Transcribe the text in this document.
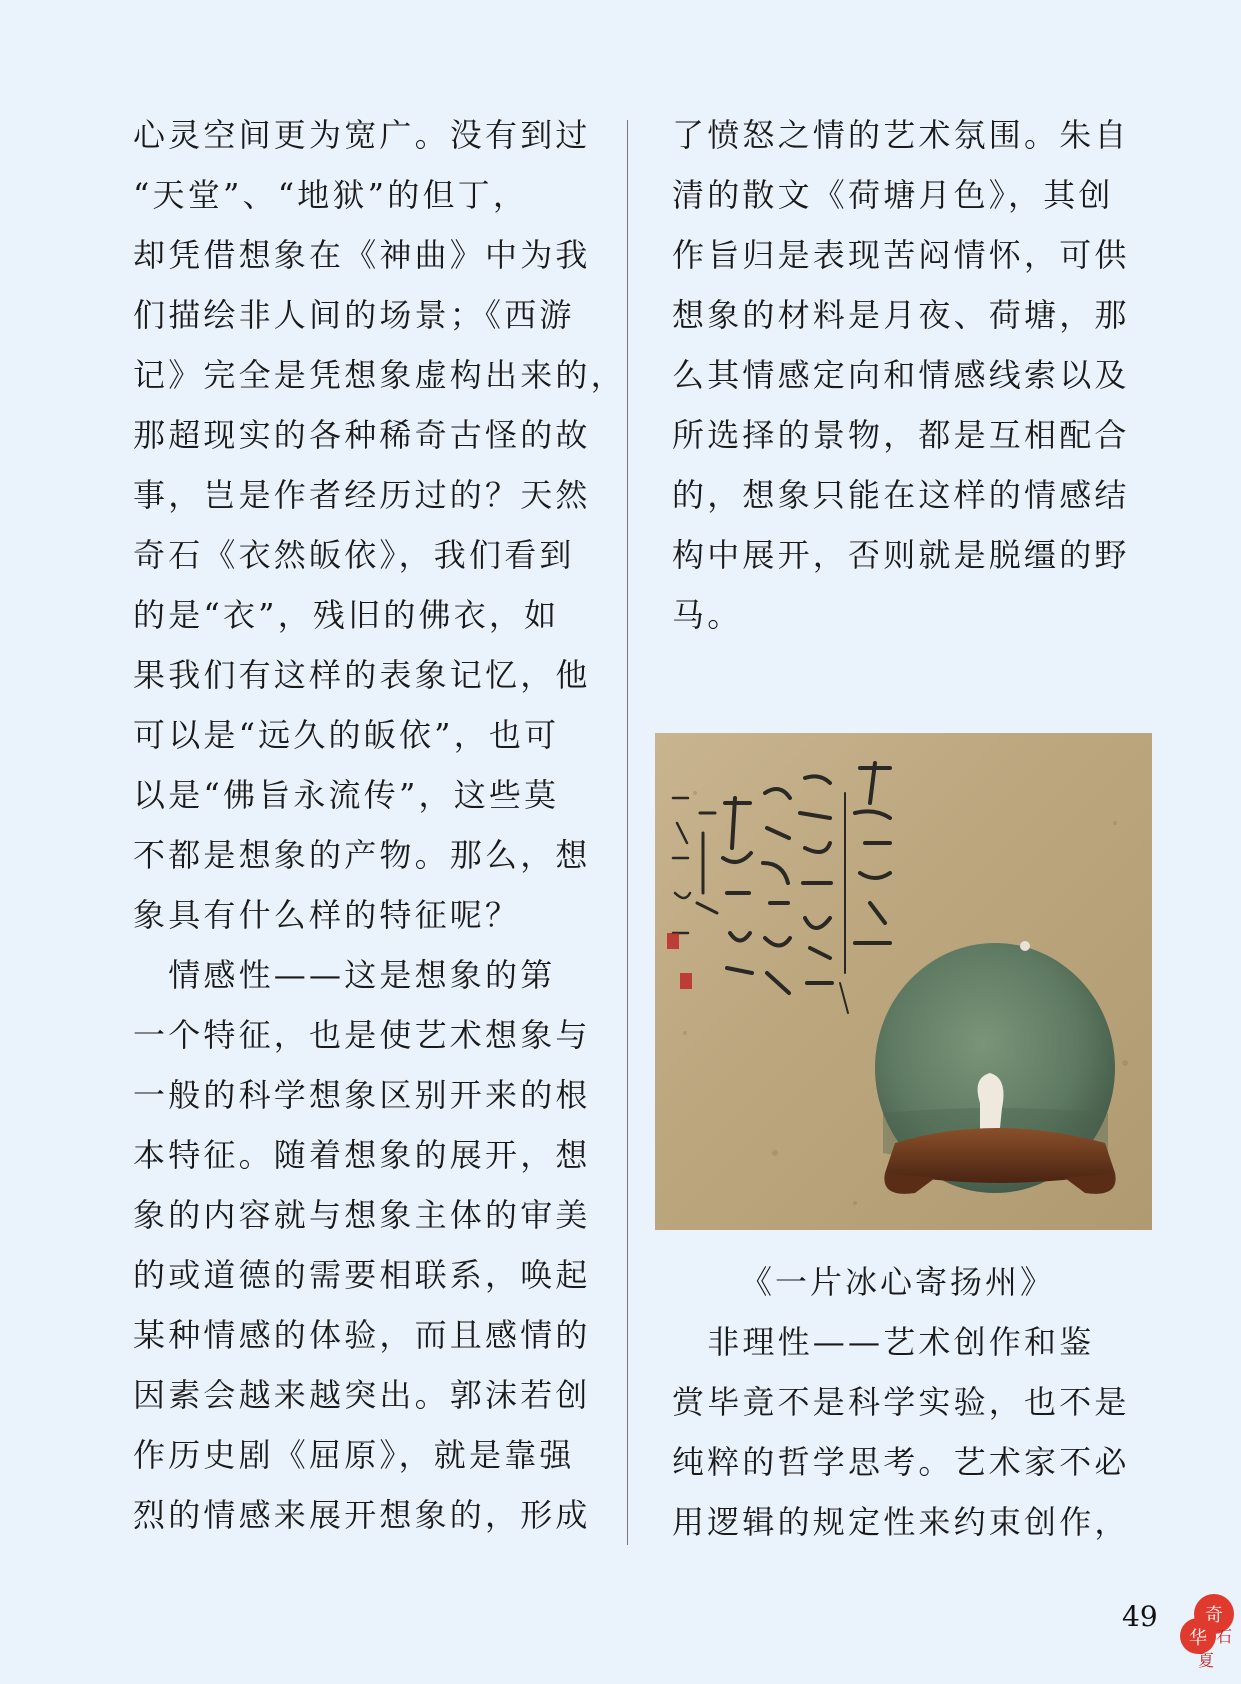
心灵空间更为宽广。没有到过
“天堂”、“地狱”的但丁，
却凭借想象在《神曲》中为我
们描绘非人间的场景；《西游
记》完全是凭想象虚构出来的，
那超现实的各种稀奇古怪的故
事，岂是作者经历过的？天然
奇石《衣然皈依》，我们看到
的是“衣”，残旧的佛衣，如
果我们有这样的表象记忆，他
可以是“远久的皈依”，也可
以是“佛旨永流传”，这些莫
不都是想象的产物。那么，想
象具有什么样的特征呢？
　情感性——这是想象的第
一个特征，也是使艺术想象与
一般的科学想象区别开来的根
本特征。随着想象的展开，想
象的内容就与想象主体的审美
的或道德的需要相联系，唤起
某种情感的体验，而且感情的
因素会越来越突出。郭沫若创
作历史剧《屈原》，就是靠强
烈的情感来展开想象的，形成
了愤怒之情的艺术氛围。朱自
清的散文《荷塘月色》，其创
作旨归是表现苦闷情怀，可供
想象的材料是月夜、荷塘，那
么其情感定向和情感线索以及
所选择的景物，都是互相配合
的，想象只能在这样的情感结
构中展开，否则就是脱缰的野
马。
　非理性——艺术创作和鉴
赏毕竟不是科学实验，也不是
纯粹的哲学思考。艺术家不必
用逻辑的规定性来约束创作，
《一片冰心寄扬州》
49	奇
华 石
夏
